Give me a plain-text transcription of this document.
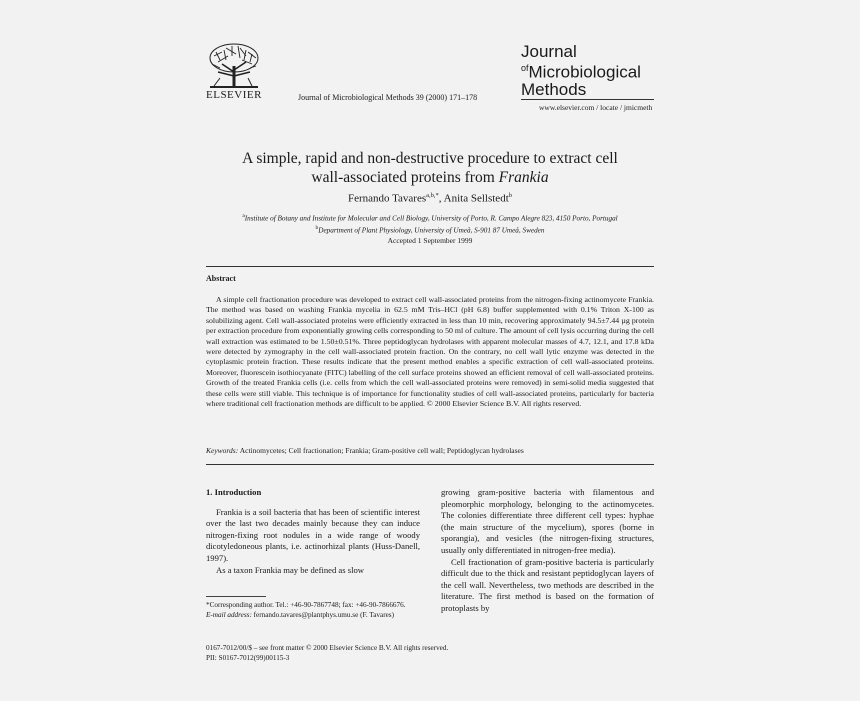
ELSEVIER	Journal of Microbiological Methods 39 (2000) 171–178
Journal
$^{of}$Microbiological
Methods
www.elsevier.com / locate / jmicmeth
A simple, rapid and non-destructive procedure to extract cell
wall-associated proteins from Frankia
Fernando Tavares$^{a,b,*}$, Anita Sellstedt$^b$
$^a$Institute of Botany and Institute for Molecular and Cell Biology, University of Porto, R. Campo Alegre 823, 4150 Porto, Portugal
$^b$Department of Plant Physiology, University of Umeå, S-901 87 Umeå, Sweden
Accepted 1 September 1999
Abstract
A simple cell fractionation procedure was developed to extract cell wall-associated proteins from the nitrogen-fixing actinomycete Frankia. The method was based on washing Frankia mycelia in 62.5 mM Tris–HCl (pH 6.8) buffer supplemented with 0.1% Triton X-100 as solubilizing agent. Cell wall-associated proteins were efficiently extracted in less than 10 min, recovering approximately 94.5±7.44 µg protein per extraction procedure from exponentially growing cells corresponding to 50 ml of culture. The amount of cell lysis occurring during the cell wall extraction was estimated to be 1.50±0.51%. Three peptidoglycan hydrolases with apparent molecular masses of 4.7, 12.1, and 17.8 kDa were detected by zymography in the cell wall-associated protein fraction. On the contrary, no cell wall lytic enzyme was detected in the cytoplasmic protein fraction. These results indicate that the present method enables a specific extraction of cell wall-associated proteins. Moreover, fluorescein isothiocyanate (FITC) labelling of the cell surface proteins showed an efficient removal of cell wall-associated proteins. Growth of the treated Frankia cells (i.e. cells from which the cell wall-associated proteins were removed) in semi-solid media suggested that these cells were still viable. This technique is of importance for functionality studies of cell wall-associated proteins, particularly for bacteria where traditional cell fractionation methods are difficult to be applied. © 2000 Elsevier Science B.V. All rights reserved.
Keywords: Actinomycetes; Cell fractionation; Frankia; Gram-positive cell wall; Peptidoglycan hydrolases
1. Introduction

Frankia is a soil bacteria that has been of scientific interest over the last two decades mainly because they can induce nitrogen-fixing root nodules in a wide range of woody dicotyledoneous plants, i.e. actinorhizal plants (Huss-Danell, 1997).

As a taxon Frankia may be defined as slow

growing gram-positive bacteria with filamentous and pleomorphic morphology, belonging to the actinomycetes. The colonies differentiate three different cell types: hyphae (the main structure of the mycelium), spores (borne in sporangia), and vesicles (the nitrogen-fixing structures, usually only differentiated in nitrogen-free media).

Cell fractionation of gram-positive bacteria is particularly difficult due to the thick and resistant peptidoglycan layers of the cell wall. Nevertheless, two methods are described in the literature. The first method is based on the formation of protoplasts by

*Corresponding author. Tel.: +46-90-7867748; fax: +46-90-7866676.
E-mail address: fernando.tavares@plantphys.umu.se (F. Tavares)
0167-7012/00/$ – see front matter © 2000 Elsevier Science B.V. All rights reserved.
PII: S0167-7012(99)00115-3
